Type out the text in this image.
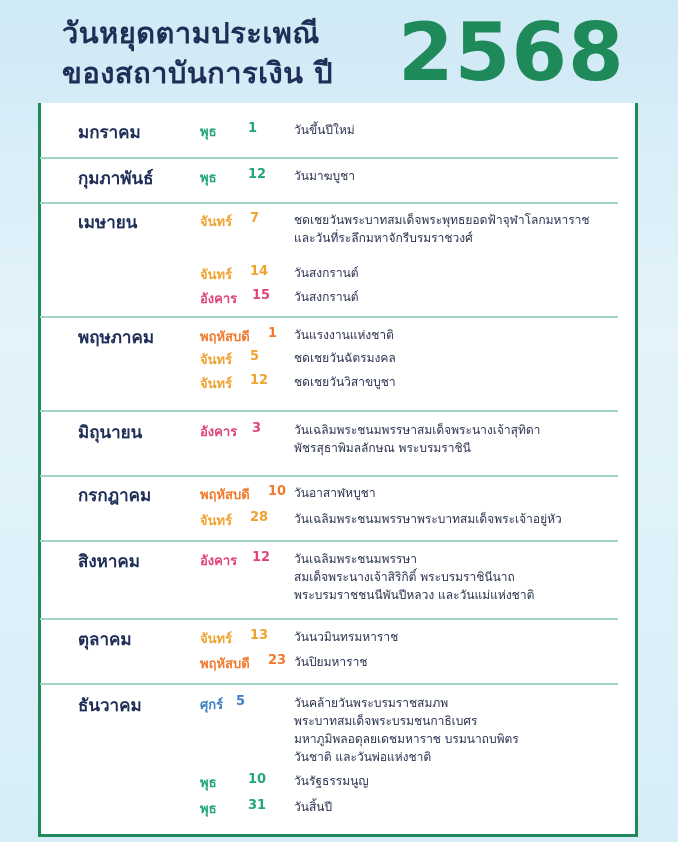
วันหยุดตามประเพณี
ของสถาบันการเงิน ปี 2568
มกราคม	พุธ 1	วันขึ้นปีใหม่
กุมภาพันธ์	พุธ 12 วันมาฆบูชา
เมษายน	จันทร์ 7	ชดเชยวันพระบาทสมเด็จพระพุทธยอดฟ้าจุฬาโลกมหาราช
และวันที่ระลึกมหาจักรีบรมราชวงศ์
จันทร์ 14 วันสงกรานต์
อังคาร 15 วันสงกรานต์
พฤษภาคม	พฤหัสบดี 1 วันแรงงานแห่งชาติ
จันทร์ 5	ชดเชยวันฉัตรมงคล
จันทร์ 12 ชดเชยวันวิสาขบูชา
มิถุนายน	อังคาร 3	วันเฉลิมพระชนมพรรษาสมเด็จพระนางเจ้าสุทิดา
พัชรสุธาพิมลลักษณ พระบรมราชินี
กรกฎาคม	พฤหัสบดี 10 วันอาสาฬหบูชา
จันทร์ 28 วันเฉลิมพระชนมพรรษาพระบาทสมเด็จพระเจ้าอยู่หัว
สิงหาคม	อังคาร 12 วันเฉลิมพระชนมพรรษา
สมเด็จพระนางเจ้าสิริกิติ์ พระบรมราชินีนาถ
พระบรมราชชนนีพันปีหลวง และวันแม่แห่งชาติ
ตุลาคม	จันทร์ 13 วันนวมินทรมหาราช
พฤหัสบดี 23 วันปิยมหาราช
ธันวาคม	ศุกร์ 5	วันคล้ายวันพระบรมราชสมภพ
พระบาทสมเด็จพระบรมชนกาธิเบศร
มหาภูมิพลอดุลยเดชมหาราช บรมนาถบพิตร
วันชาติ และวันพ่อแห่งชาติ
พุธ 10 วันรัฐธรรมนูญ
พุธ 31 วันสิ้นปี
